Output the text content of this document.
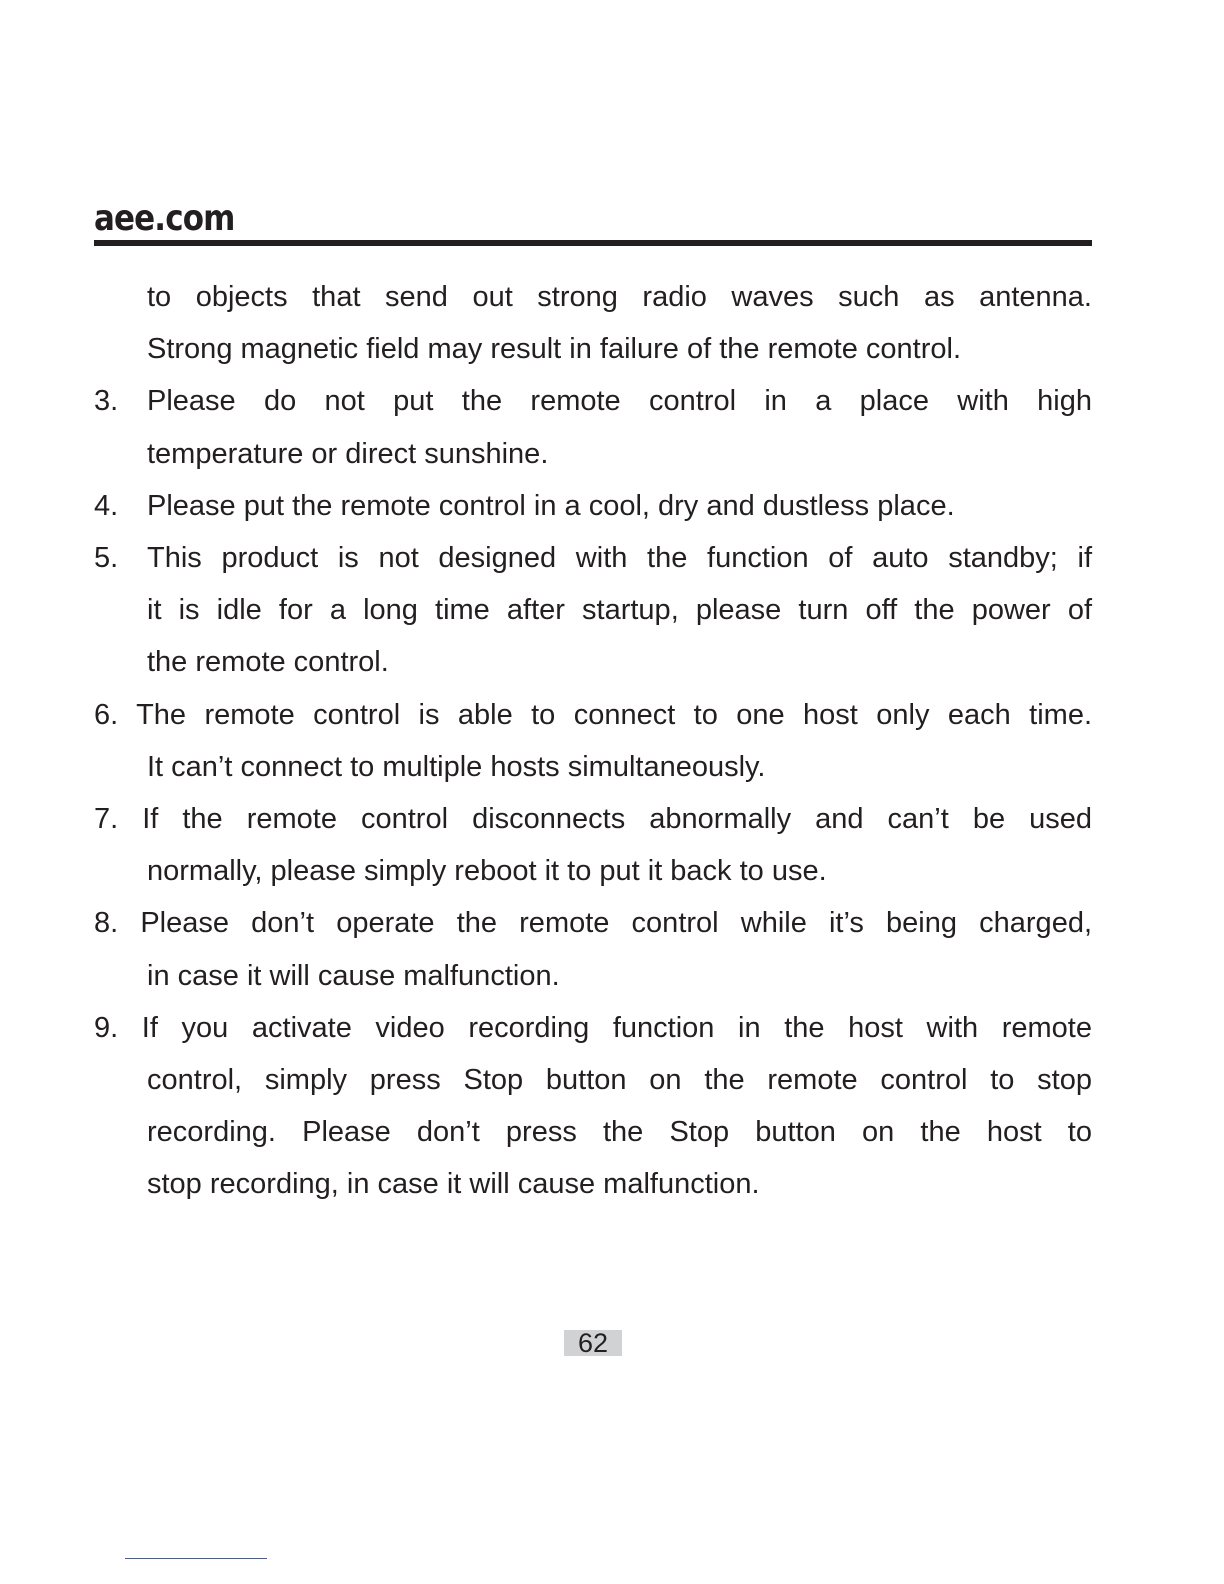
aee.com
to objects that send out strong radio waves such as antenna.
Strong magnetic field may result in failure of the remote control.
3. Please do not put the remote control in a place with high
temperature or direct sunshine.
4. Please put the remote control in a cool, dry and dustless place.
5. This product is not designed with the function of auto standby; if
it is idle for a long time after startup, please turn off the power of
the remote control.
6. The remote control is able to connect to one host only each time.
It can’t connect to multiple hosts simultaneously.
7. If the remote control disconnects abnormally and can’t be used
normally, please simply reboot it to put it back to use.
8. Please don’t operate the remote control while it’s being charged,
in case it will cause malfunction.
9. If you activate video recording function in the host with remote
control, simply press Stop button on the remote control to stop
recording. Please don’t press the Stop button on the host to
stop recording, in case it will cause malfunction.
62
